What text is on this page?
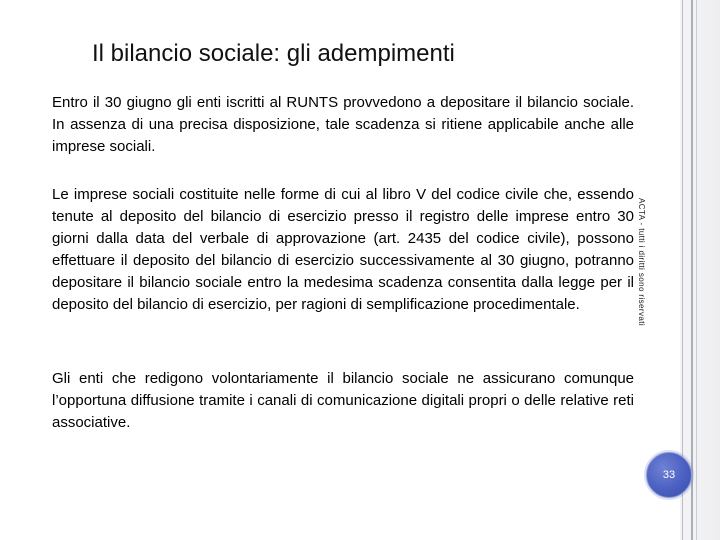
Il bilancio sociale: gli adempimenti

Entro il 30 giugno gli enti iscritti al RUNTS provvedono a depositare il bilancio sociale. In assenza di una precisa disposizione, tale scadenza si ritiene applicabile anche alle imprese sociali.

Le imprese sociali costituite nelle forme di cui al libro V del codice civile che, essendo tenute al deposito del bilancio di esercizio presso il registro delle imprese entro 30 giorni dalla data del verbale di approvazione (art. 2435 del codice civile), possono effettuare il deposito del bilancio di esercizio successivamente al 30 giugno, potranno depositare il bilancio sociale entro la medesima scadenza consentita dalla legge per il deposito del bilancio di esercizio, per ragioni di semplificazione procedimentale.

Gli enti che redigono volontariamente il bilancio sociale ne assicurano comunque l’opportuna diffusione tramite i canali di comunicazione digitali propri o delle relative reti associative.

ACTA - tutti i diritti sono riservati
33
